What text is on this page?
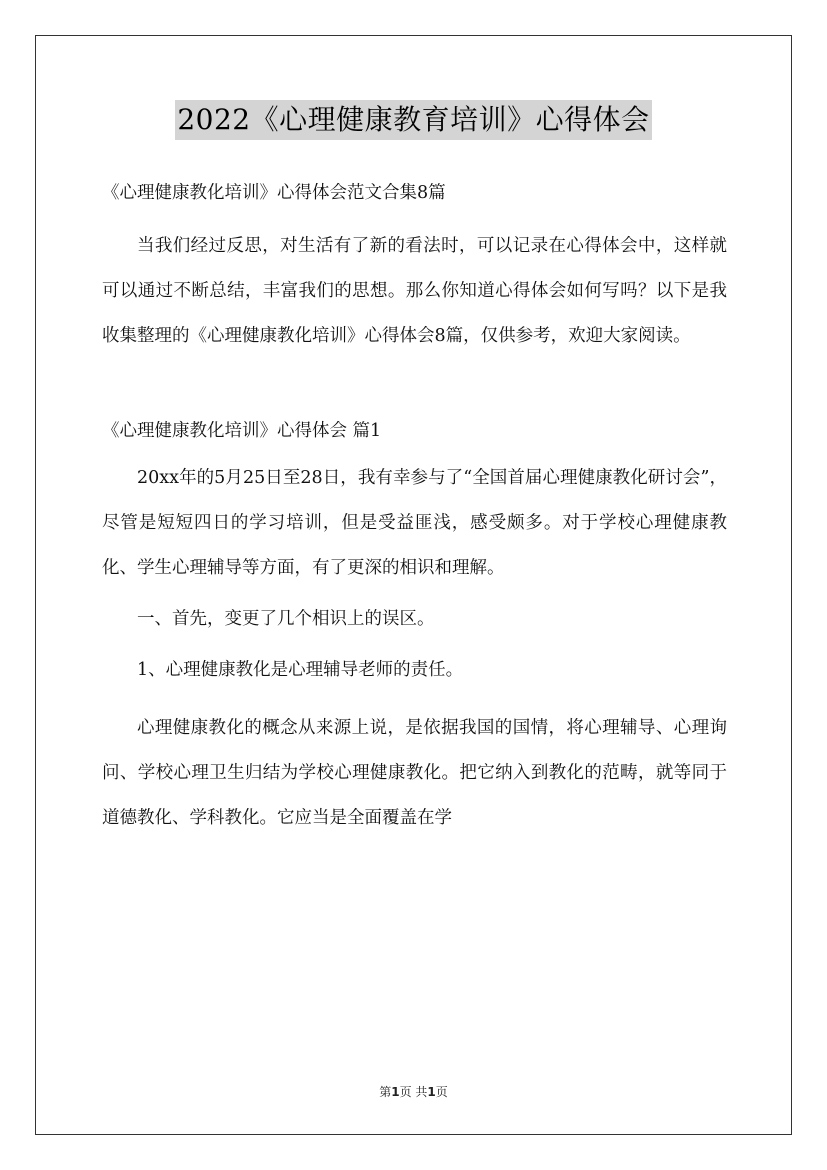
2022《心理健康教育培训》心得体会

《心理健康教化培训》心得体会范文合集8篇

当我们经过反思，对生活有了新的看法时，可以记录在心得体会中，这样就可以通过不断总结，丰富我们的思想。那么你知道心得体会如何写吗？以下是我收集整理的《心理健康教化培训》心得体会8篇，仅供参考，欢迎大家阅读。

《心理健康教化培训》心得体会 篇1

20xx年的5月25日至28日，我有幸参与了“全国首届心理健康教化研讨会”，尽管是短短四日的学习培训，但是受益匪浅，感受颇多。对于学校心理健康教化、学生心理辅导等方面，有了更深的相识和理解。

一、首先，变更了几个相识上的误区。

1、心理健康教化是心理辅导老师的责任。

心理健康教化的概念从来源上说，是依据我国的国情，将心理辅导、心理询问、学校心理卫生归结为学校心理健康教化。把它纳入到教化的范畴，就等同于道德教化、学科教化。它应当是全面覆盖在学

第1页 共1页
